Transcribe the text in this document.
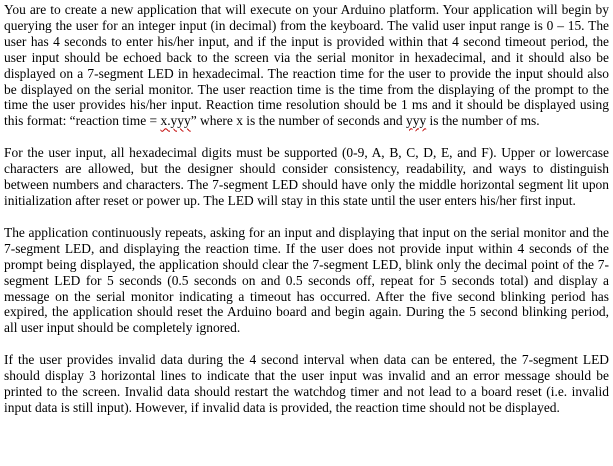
You are to create a new application that will execute on your Arduino platform. Your application will begin by querying the user for an integer input (in decimal) from the keyboard. The valid user input range is 0 – 15. The user has 4 seconds to enter his/her input, and if the input is provided within that 4 second timeout period, the user input should be echoed back to the screen via the serial monitor in hexadecimal, and it should also be displayed on a 7-segment LED in hexadecimal. The reaction time for the user to provide the input should also be displayed on the serial monitor. The user reaction time is the time from the displaying of the prompt to the time the user provides his/her input. Reaction time resolution should be 1 ms and it should be displayed using this format: “reaction time = x.yyy” where x is the number of seconds and yyy is the number of ms.

For the user input, all hexadecimal digits must be supported (0-9, A, B, C, D, E, and F). Upper or lowercase characters are allowed, but the designer should consider consistency, readability, and ways to distinguish between numbers and characters. The 7-segment LED should have only the middle horizontal segment lit upon initialization after reset or power up. The LED will stay in this state until the user enters his/her first input.

The application continuously repeats, asking for an input and displaying that input on the serial monitor and the 7-segment LED, and displaying the reaction time. If the user does not provide input within 4 seconds of the prompt being displayed, the application should clear the 7-segment LED, blink only the decimal point of the 7-segment LED for 5 seconds (0.5 seconds on and 0.5 seconds off, repeat for 5 seconds total) and display a message on the serial monitor indicating a timeout has occurred. After the five second blinking period has expired, the application should reset the Arduino board and begin again. During the 5 second blinking period, all user input should be completely ignored.

If the user provides invalid data during the 4 second interval when data can be entered, the 7-segment LED should display 3 horizontal lines to indicate that the user input was invalid and an error message should be printed to the screen. Invalid data should restart the watchdog timer and not lead to a board reset (i.e. invalid input data is still input). However, if invalid data is provided, the reaction time should not be displayed.
